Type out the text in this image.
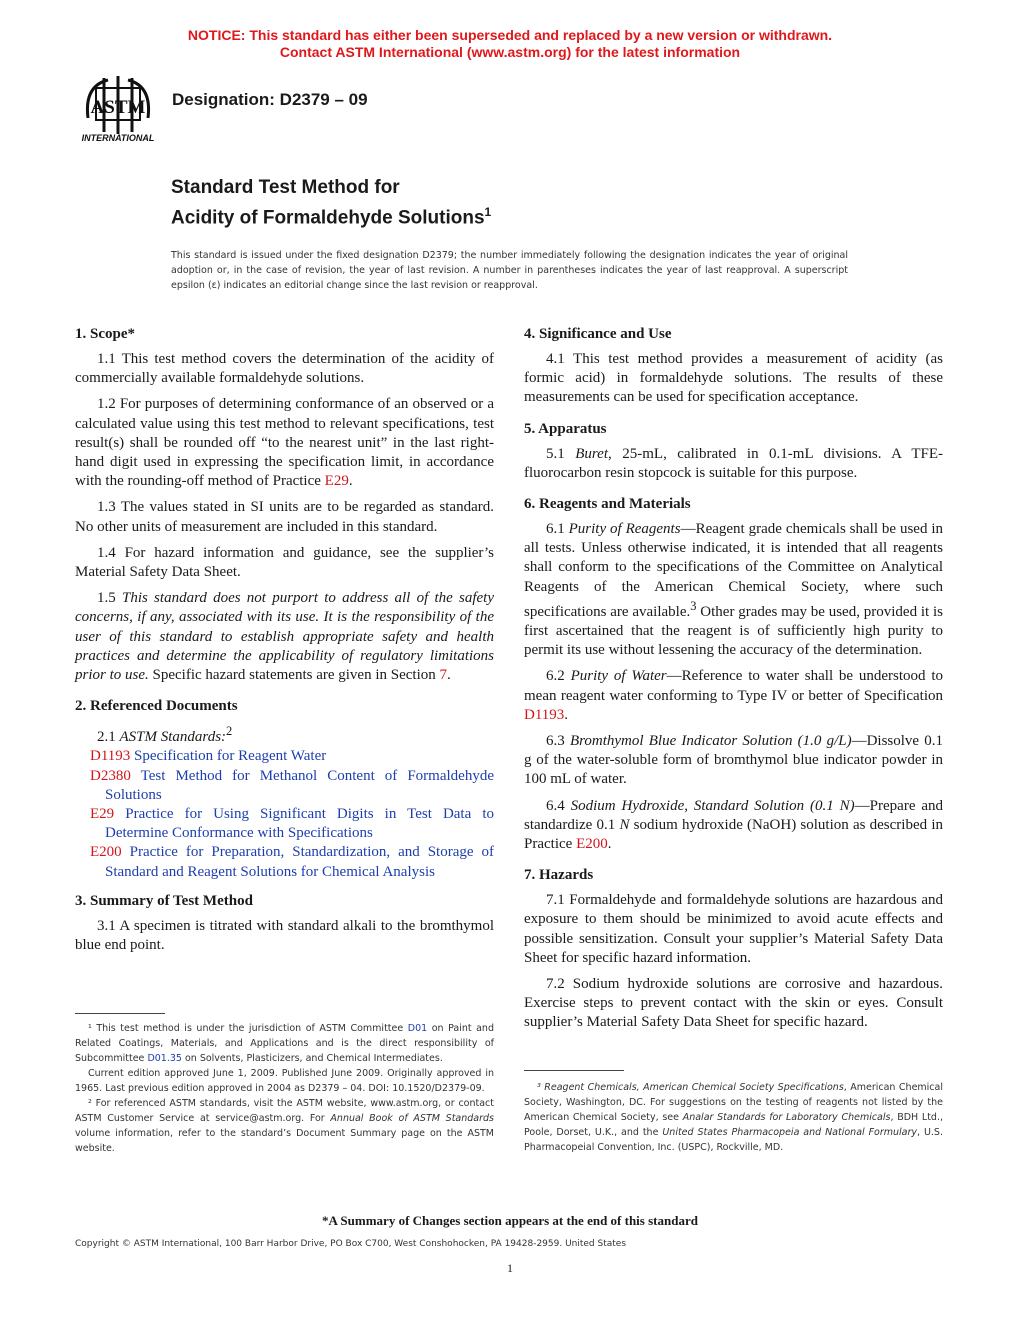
NOTICE: This standard has either been superseded and replaced by a new version or withdrawn.
Contact ASTM International (www.astm.org) for the latest information
ASTM
INTERNATIONAL
Designation: D2379 – 09
Standard Test Method for
Acidity of Formaldehyde Solutions$^1$
This standard is issued under the fixed designation D2379; the number immediately following the designation indicates the year of original adoption or, in the case of revision, the year of last revision. A number in parentheses indicates the year of last reapproval. A superscript epsilon (ε) indicates an editorial change since the last revision or reapproval.
1. Scope*

1.1 This test method covers the determination of the acidity of commercially available formaldehyde solutions.

1.2 For purposes of determining conformance of an observed or a calculated value using this test method to relevant specifications, test result(s) shall be rounded off “to the nearest unit” in the last right-hand digit used in expressing the specification limit, in accordance with the rounding-off method of Practice E29.

1.3 The values stated in SI units are to be regarded as standard. No other units of measurement are included in this standard.

1.4 For hazard information and guidance, see the supplier’s Material Safety Data Sheet.

1.5 This standard does not purport to address all of the safety concerns, if any, associated with its use. It is the responsibility of the user of this standard to establish appropriate safety and health practices and determine the applicability of regulatory limitations prior to use. Specific hazard statements are given in Section 7.

2. Referenced Documents
2.1 ASTM Standards:$^2$
D1193 Specification for Reagent Water
D2380 Test Method for Methanol Content of Formaldehyde Solutions
E29 Practice for Using Significant Digits in Test Data to Determine Conformance with Specifications
E200 Practice for Preparation, Standardization, and Storage of Standard and Reagent Solutions for Chemical Analysis
3. Summary of Test Method

3.1 A specimen is titrated with standard alkali to the bromthymol blue end point.

4. Significance and Use

4.1 This test method provides a measurement of acidity (as formic acid) in formaldehyde solutions. The results of these measurements can be used for specification acceptance.

5. Apparatus

5.1 Buret, 25-mL, calibrated in 0.1-mL divisions. A TFE-fluorocarbon resin stopcock is suitable for this purpose.

6. Reagents and Materials

6.1 Purity of Reagents—Reagent grade chemicals shall be used in all tests. Unless otherwise indicated, it is intended that all reagents shall conform to the specifications of the Committee on Analytical Reagents of the American Chemical Society, where such specifications are available.$^3$ Other grades may be used, provided it is first ascertained that the reagent is of sufficiently high purity to permit its use without lessening the accuracy of the determination.

6.2 Purity of Water—Reference to water shall be understood to mean reagent water conforming to Type IV or better of Specification D1193.

6.3 Bromthymol Blue Indicator Solution (1.0 g/L)—Dissolve 0.1 g of the water-soluble form of bromthymol blue indicator powder in 100 mL of water.

6.4 Sodium Hydroxide, Standard Solution (0.1 N)—Prepare and standardize 0.1 N sodium hydroxide (NaOH) solution as described in Practice E200.

7. Hazards

7.1 Formaldehyde and formaldehyde solutions are hazardous and exposure to them should be minimized to avoid acute effects and possible sensitization. Consult your supplier’s Material Safety Data Sheet for specific hazard information.

7.2 Sodium hydroxide solutions are corrosive and hazardous. Exercise steps to prevent contact with the skin or eyes. Consult supplier’s Material Safety Data Sheet for specific hazard.

¹ This test method is under the jurisdiction of ASTM Committee D01 on Paint and Related Coatings, Materials, and Applications and is the direct responsibility of Subcommittee D01.35 on Solvents, Plasticizers, and Chemical Intermediates.

Current edition approved June 1, 2009. Published June 2009. Originally approved in 1965. Last previous edition approved in 2004 as D2379 – 04. DOI: 10.1520/D2379-09.

² For referenced ASTM standards, visit the ASTM website, www.astm.org, or contact ASTM Customer Service at service@astm.org. For Annual Book of ASTM Standards volume information, refer to the standard’s Document Summary page on the ASTM website.

³ Reagent Chemicals, American Chemical Society Specifications, American Chemical Society, Washington, DC. For suggestions on the testing of reagents not listed by the American Chemical Society, see Analar Standards for Laboratory Chemicals, BDH Ltd., Poole, Dorset, U.K., and the United States Pharmacopeia and National Formulary, U.S. Pharmacopeial Convention, Inc. (USPC), Rockville, MD.

*A Summary of Changes section appears at the end of this standard
Copyright © ASTM International, 100 Barr Harbor Drive, PO Box C700, West Conshohocken, PA 19428-2959. United States
1
